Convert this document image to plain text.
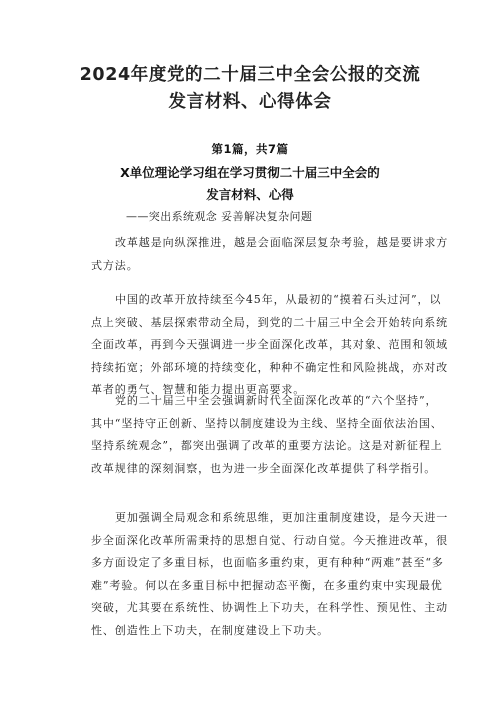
2024年度党的二十届三中全会公报的交流
发言材料、心得体会

第1篇，共7篇

X单位理论学习组在学习贯彻二十届三中全会的
发言材料、心得

——突出系统观念 妥善解决复杂问题

改革越是向纵深推进，越是会面临深层复杂考验，越是要讲求方
式方法。

中国的改革开放持续至今45年，从最初的“摸着石头过河”，以
点上突破、基层探索带动全局，到党的二十届三中全会开始转向系统
全面改革，再到今天强调进一步全面深化改革，其对象、范围和领域
持续拓宽；外部环境的持续变化，种种不确定性和风险挑战，亦对改
革者的勇气、智慧和能力提出更高要求。

党的二十届三中全会强调新时代全面深化改革的“六个坚持”，
其中“坚持守正创新、坚持以制度建设为主线、坚持全面依法治国、
坚持系统观念”，都突出强调了改革的重要方法论。这是对新征程上
改革规律的深刻洞察，也为进一步全面深化改革提供了科学指引。

更加强调全局观念和系统思维，更加注重制度建设，是今天进一
步全面深化改革所需秉持的思想自觉、行动自觉。今天推进改革，很
多方面设定了多重目标，也面临多重约束，更有种种“两难”甚至“多
难”考验。何以在多重目标中把握动态平衡，在多重约束中实现最优
突破，尤其要在系统性、协调性上下功夫，在科学性、预见性、主动
性、创造性上下功夫，在制度建设上下功夫。
